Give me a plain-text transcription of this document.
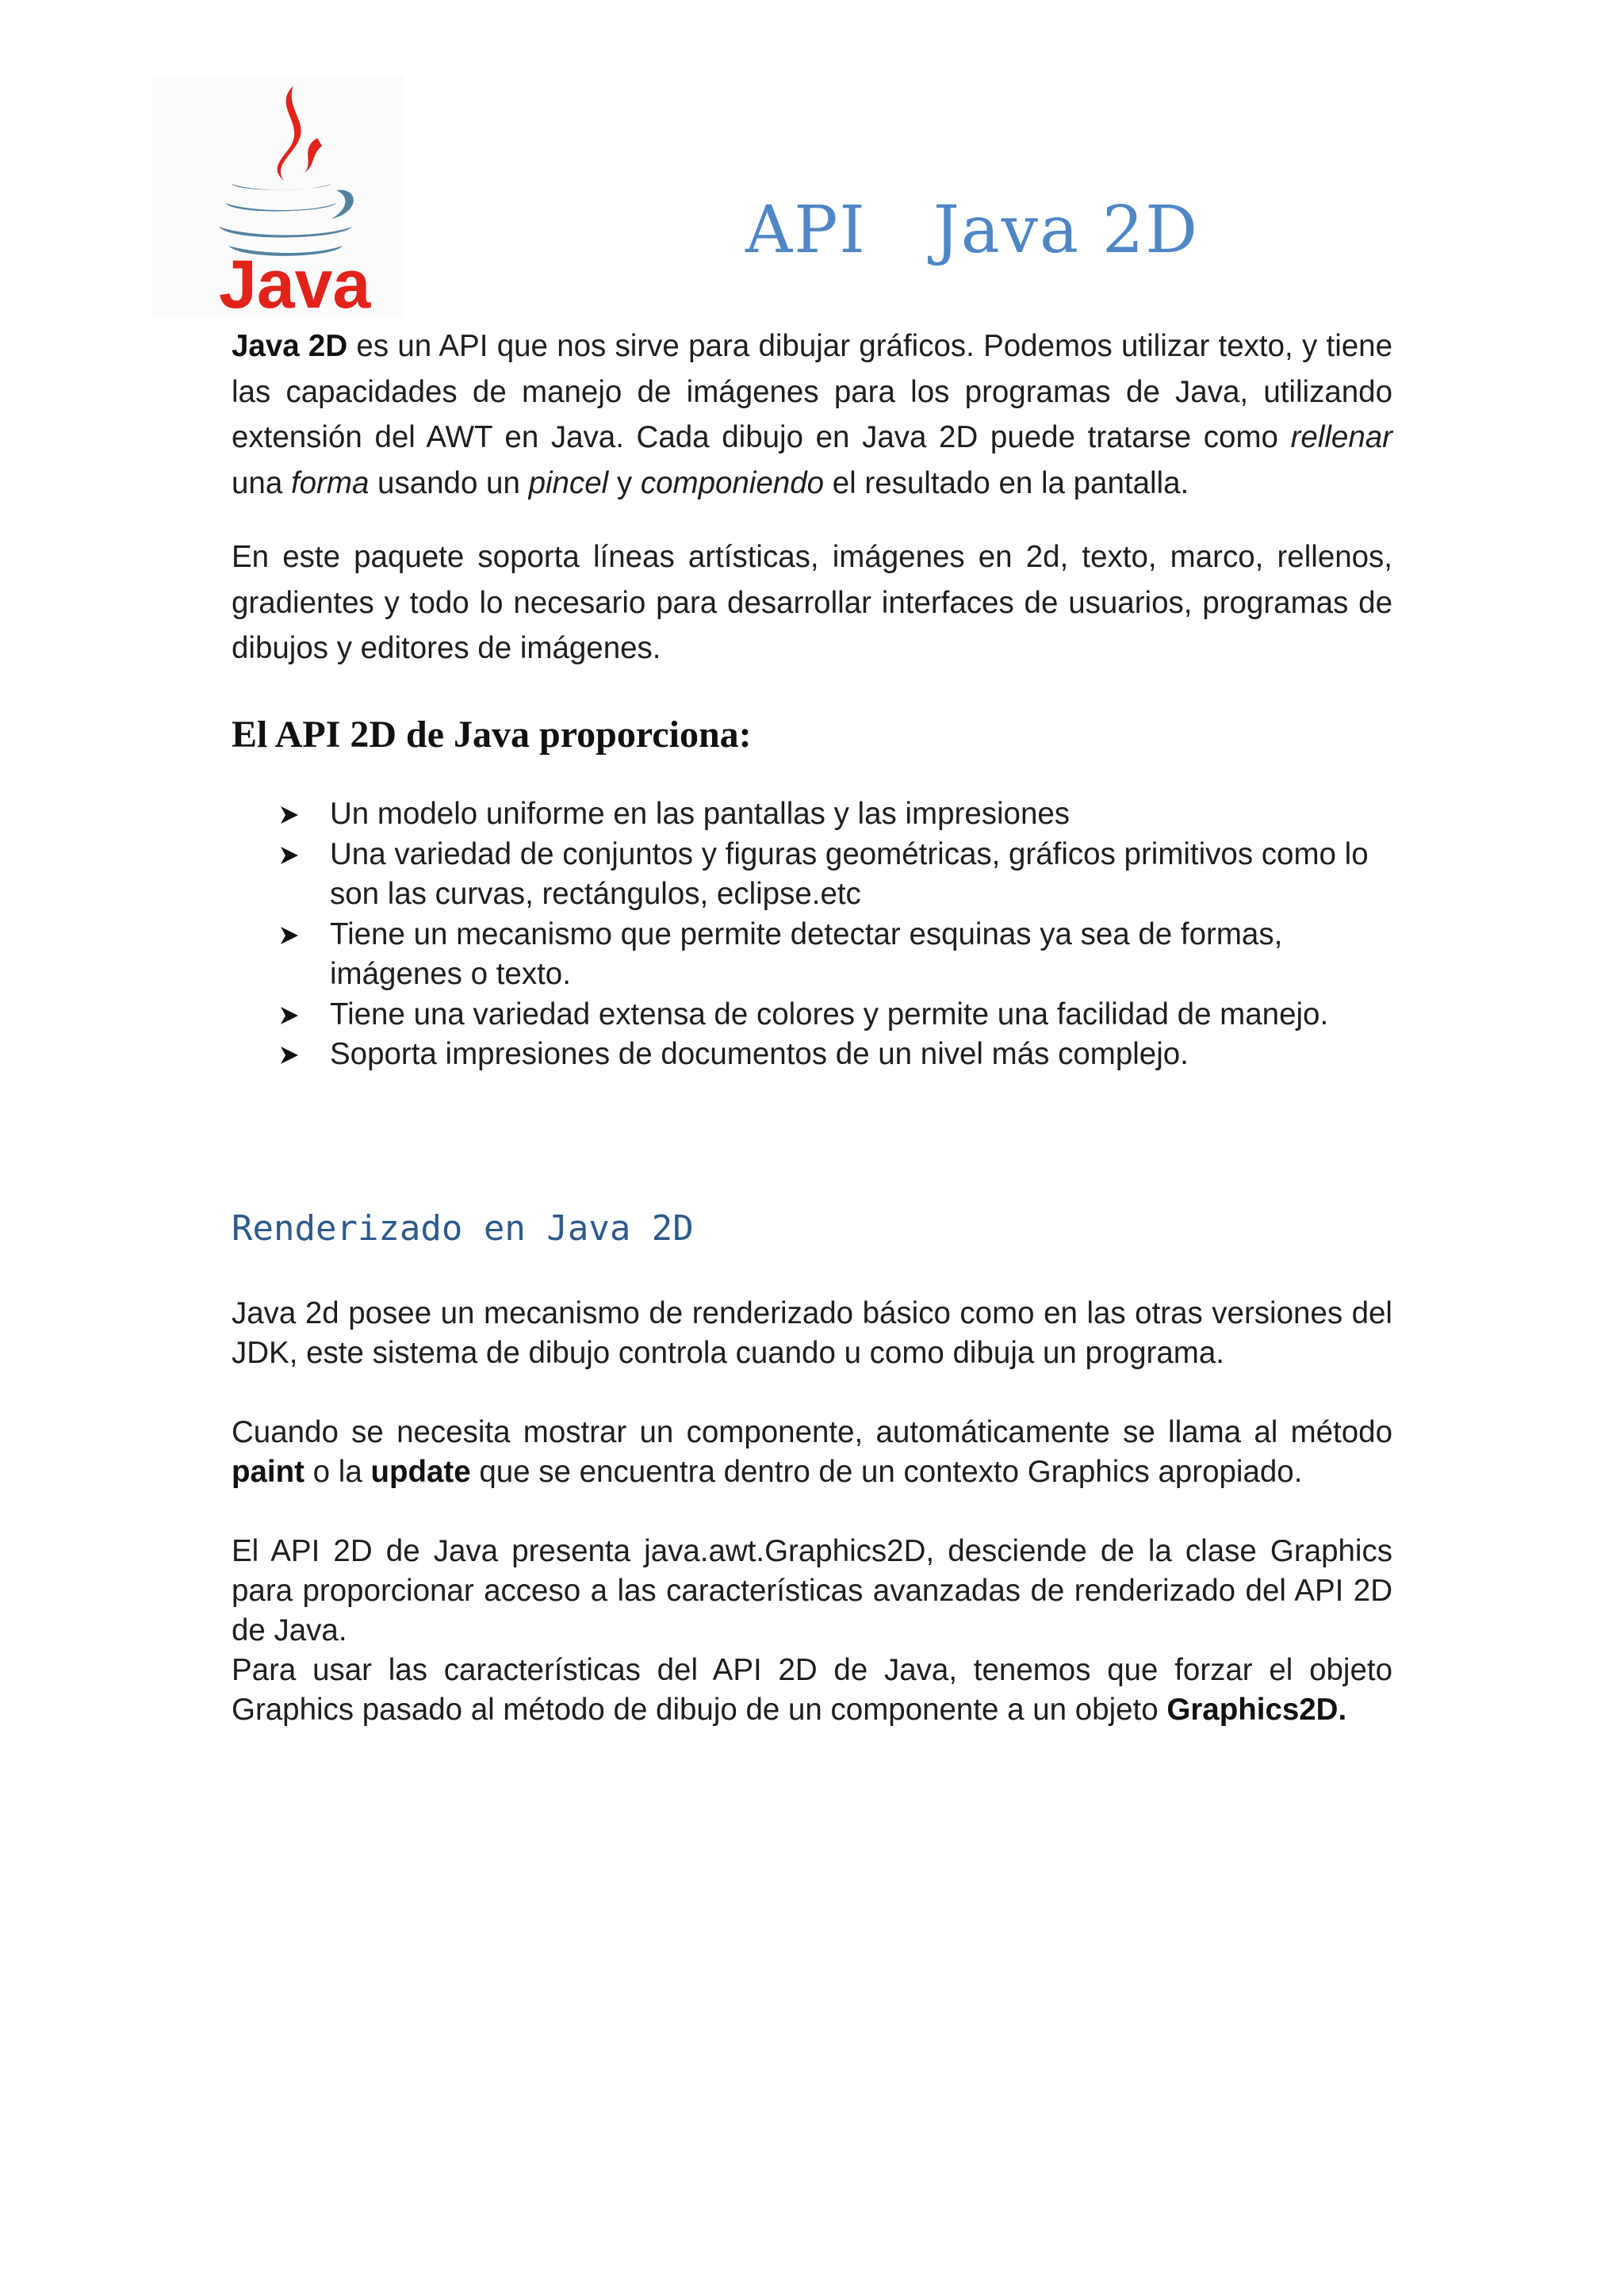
Java
API   Java 2D

Java 2D es un API que nos sirve para dibujar gráficos. Podemos utilizar texto, y tiene las capacidades de manejo de imágenes para los programas de Java, utilizando extensión del AWT en Java. Cada dibujo en Java 2D puede tratarse como rellenar una forma usando un pincel y componiendo el resultado en la pantalla.

En este paquete soporta líneas artísticas, imágenes en 2d, texto, marco, rellenos, gradientes y todo lo necesario para desarrollar interfaces de usuarios, programas de dibujos y editores de imágenes.

El API 2D de Java proporciona:
Un modelo uniforme en las pantallas y las impresiones
Una variedad de conjuntos y figuras geométricas, gráficos primitivos como lo son las curvas, rectángulos, eclipse.etc
Tiene un mecanismo que permite detectar esquinas ya sea de formas, imágenes o texto.
Tiene una variedad extensa de colores y permite una facilidad de manejo.
Soporta impresiones de documentos de un nivel más complejo.
Renderizado en Java 2D

Java 2d posee un mecanismo de renderizado básico como en las otras versiones del JDK, este sistema de dibujo controla cuando u como dibuja un programa.

Cuando se necesita mostrar un componente, automáticamente se llama al método paint o la update que se encuentra dentro de un contexto Graphics apropiado.

El API 2D de Java presenta java.awt.Graphics2D, desciende de la clase Graphics para proporcionar acceso a las características avanzadas de renderizado del API 2D de Java.

Para usar las características del API 2D de Java, tenemos que forzar el objeto Graphics pasado al método de dibujo de un componente a un objeto Graphics2D.
